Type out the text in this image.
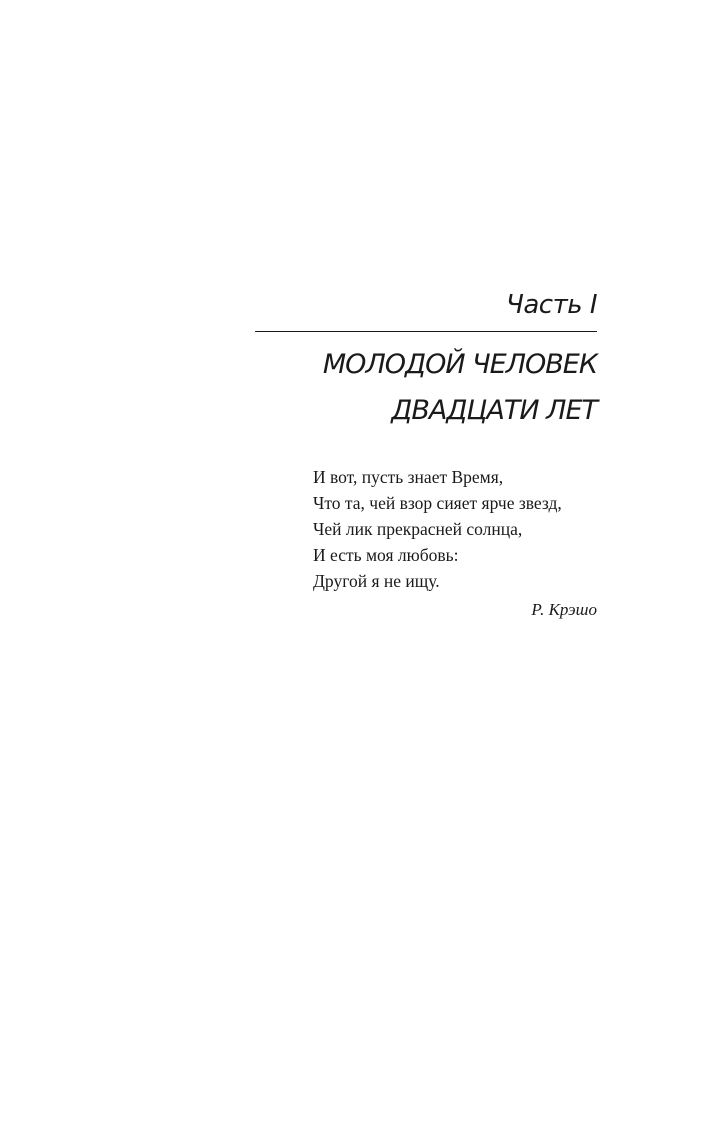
Часть I
МОЛОДОЙ ЧЕЛОВЕК
ДВАДЦАТИ ЛЕТ
И вот, пусть знает Время,
Что та, чей взор сияет ярче звезд,
Чей лик прекрасней солнца,
И есть моя любовь:
Другой я не ищу.
Р. Крэшо
